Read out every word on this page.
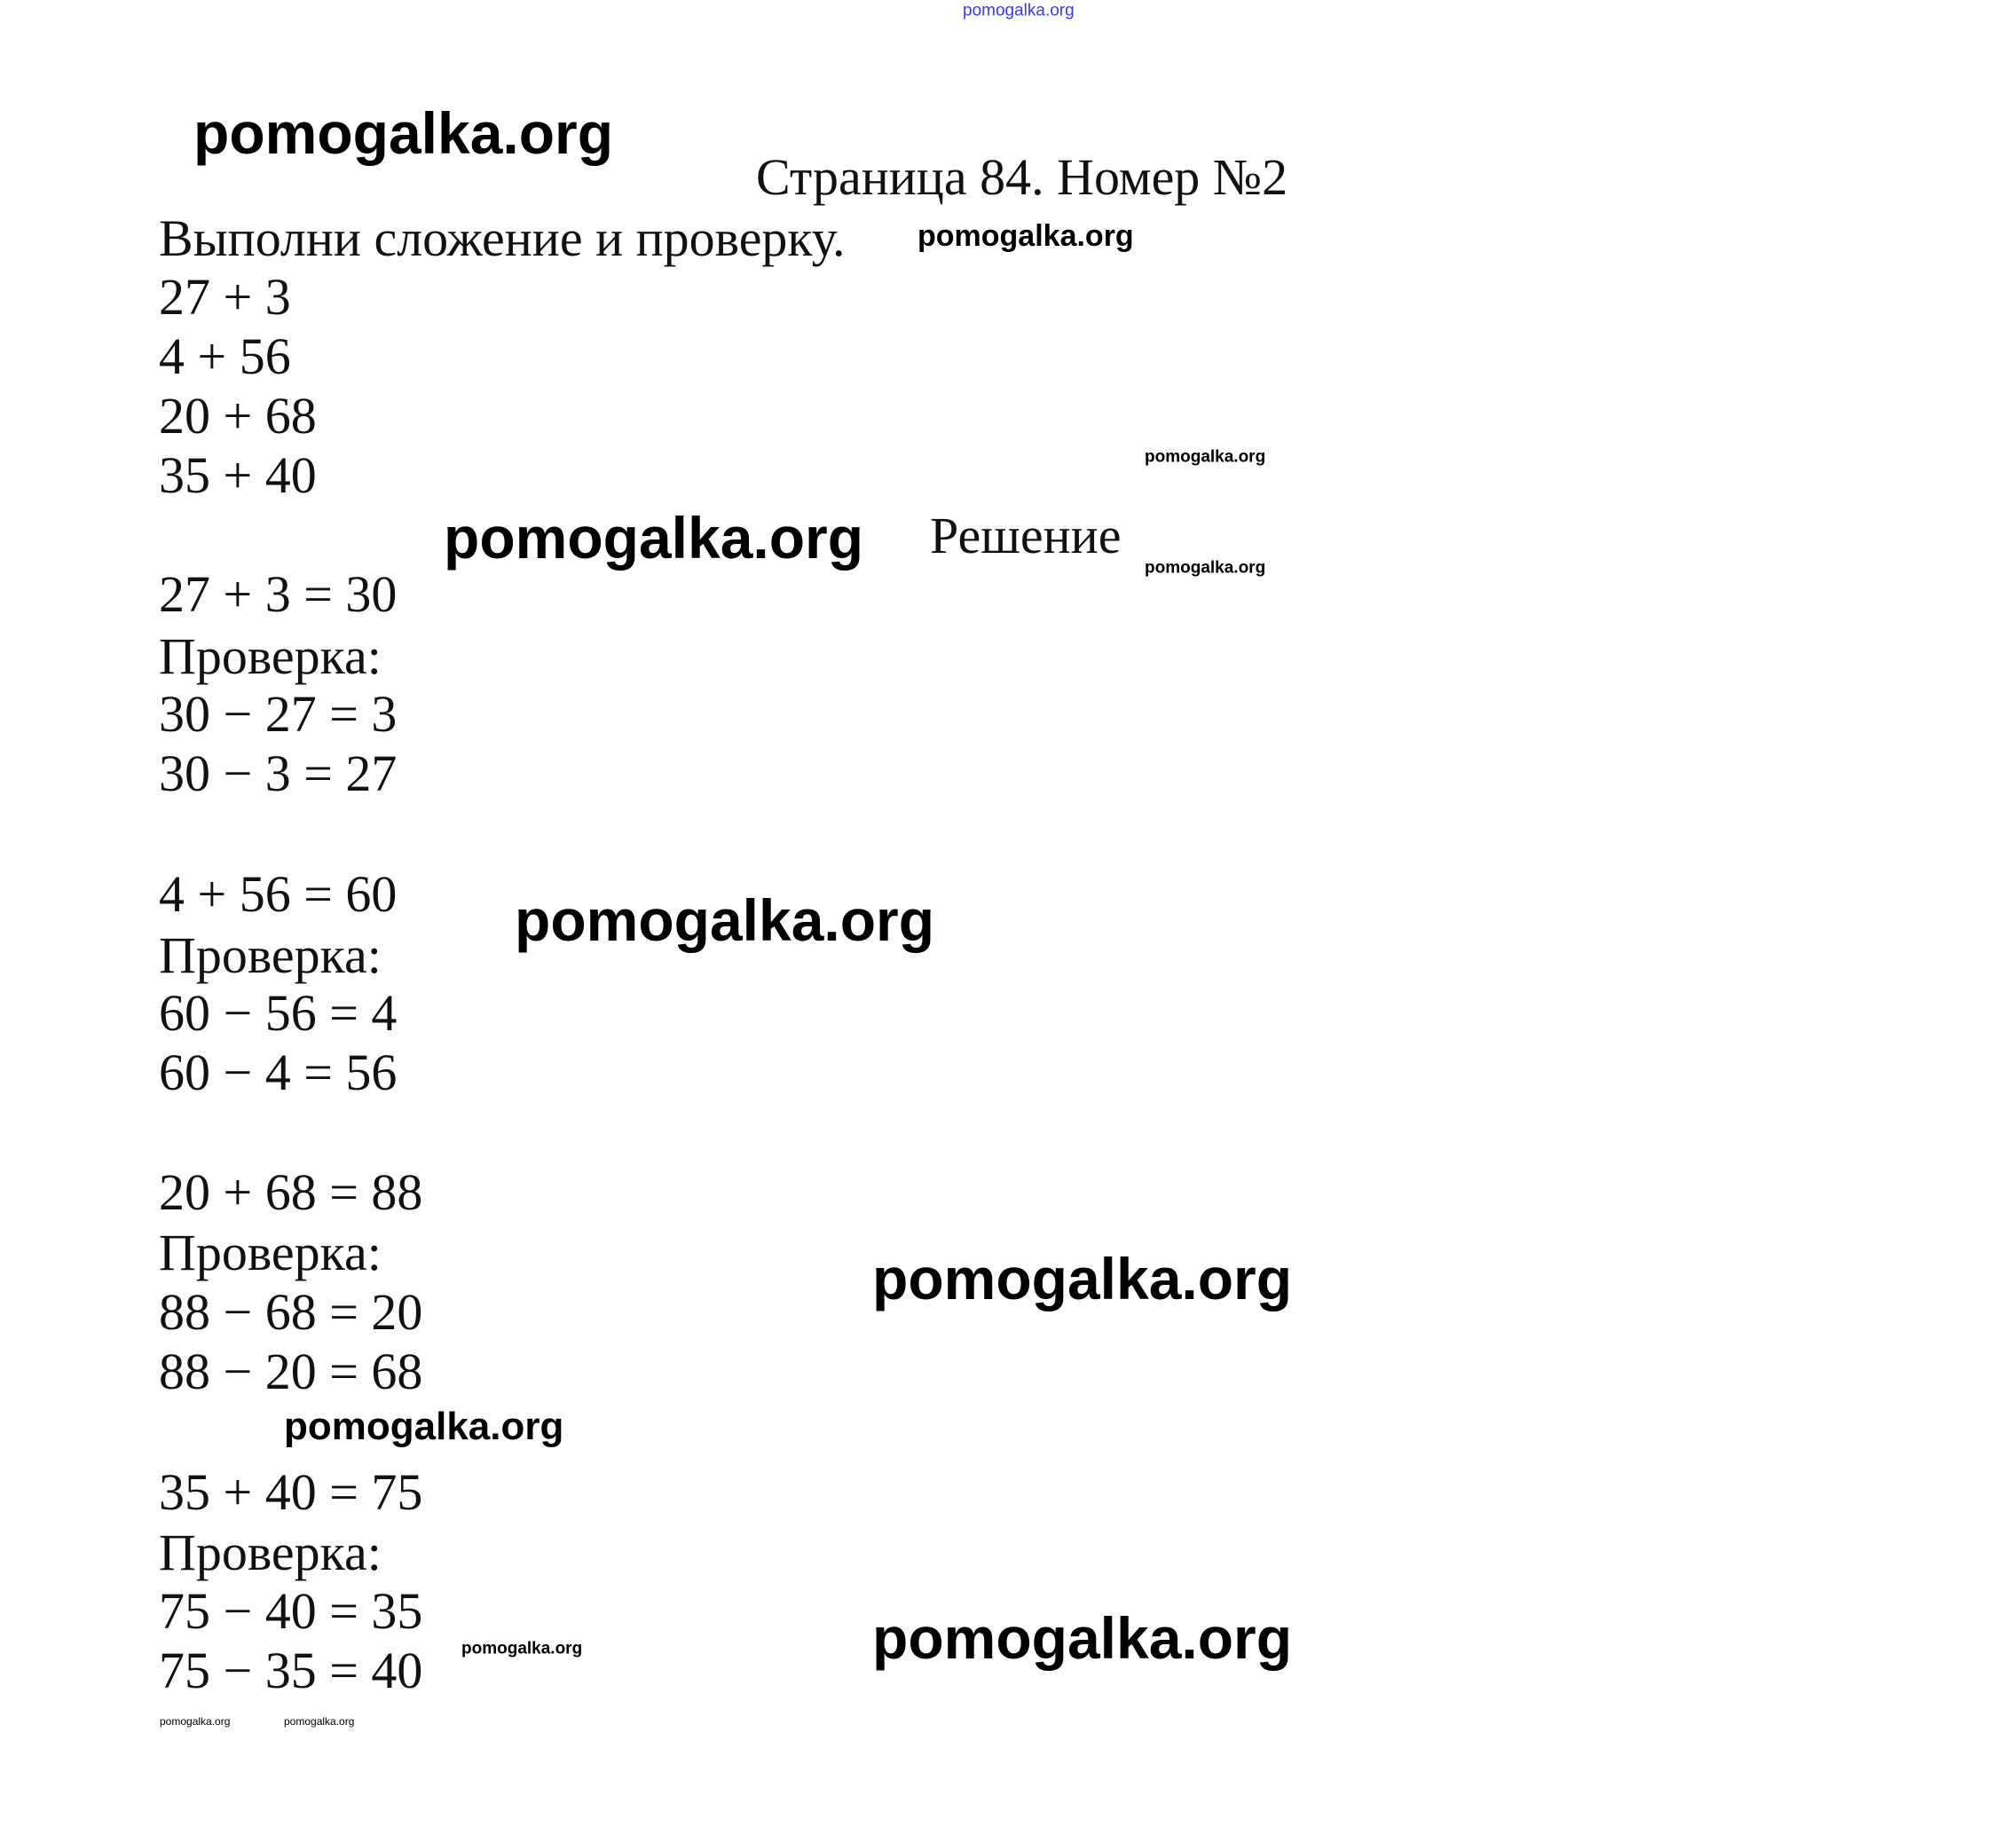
pomogalka.org
Страница 84. Номер №2
Выполни сложение и проверку.
27 + 3
4 + 56
20 + 68
35 + 40
Решение
27 + 3 = 30
Проверка:
30 − 27 = 3
30 − 3 = 27
4 + 56 = 60
Проверка:
60 − 56 = 4
60 − 4 = 56
20 + 68 = 88
Проверка:
88 − 68 = 20
88 − 20 = 68
35 + 40 = 75
Проверка:
75 − 40 = 35
75 − 35 = 40
pomogalka.org
pomogalka.org
pomogalka.org
pomogalka.org
pomogalka.org
pomogalka.org
pomogalka.org
pomogalka.org
pomogalka.org
pomogalka.org
pomogalka.org	pomogalka.org
